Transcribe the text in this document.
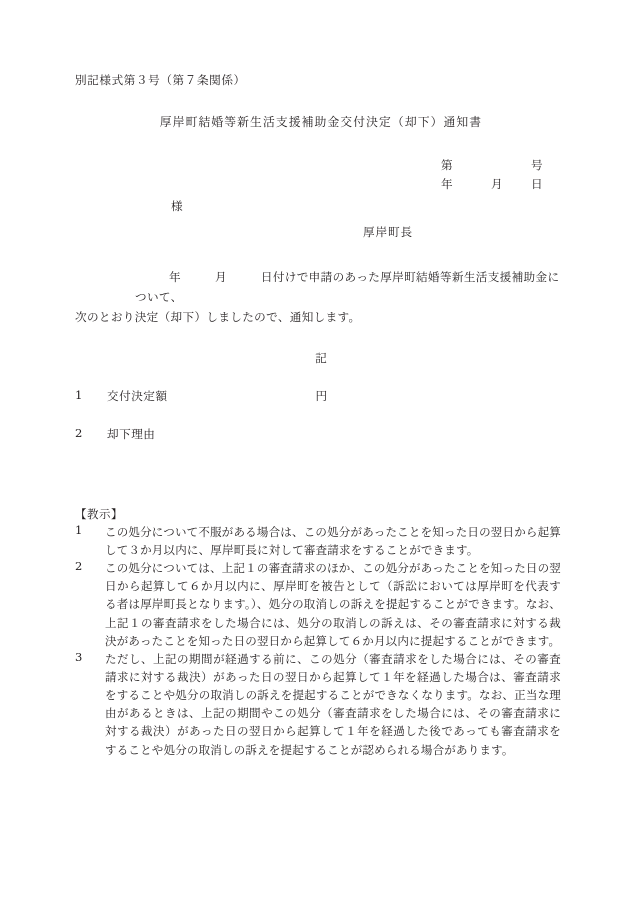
別記様式第３号（第７条関係）
厚岸町結婚等新生活支援補助金交付決定（却下）通知書
第	号
年	月	日
様
厚岸町長
年	月	日付けで申請のあった厚岸町結婚等新生活支援補助金について、
次のとおり決定（却下）しましたので、通知します。
記
1	交付決定額	円
2	却下理由
【教示】
1	この処分について不服がある場合は、この処分があったことを知った日の翌日から起算して３か月以内に、厚岸町長に対して審査請求をすることができます。
2	この処分については、上記１の審査請求のほか、この処分があったことを知った日の翌日から起算して６か月以内に、厚岸町を被告として（訴訟においては厚岸町を代表する者は厚岸町長となります。）、処分の取消しの訴えを提起することができます。なお、上記１の審査請求をした場合には、処分の取消しの訴えは、その審査請求に対する裁決があったことを知った日の翌日から起算して６か月以内に提起することができます。
3	ただし、上記の期間が経過する前に、この処分（審査請求をした場合には、その審査請求に対する裁決）があった日の翌日から起算して１年を経過した場合は、審査請求をすることや処分の取消しの訴えを提起することができなくなります。なお、正当な理由があるときは、上記の期間やこの処分（審査請求をした場合には、その審査請求に対する裁決）があった日の翌日から起算して１年を経過した後であっても審査請求をすることや処分の取消しの訴えを提起することが認められる場合があります。
